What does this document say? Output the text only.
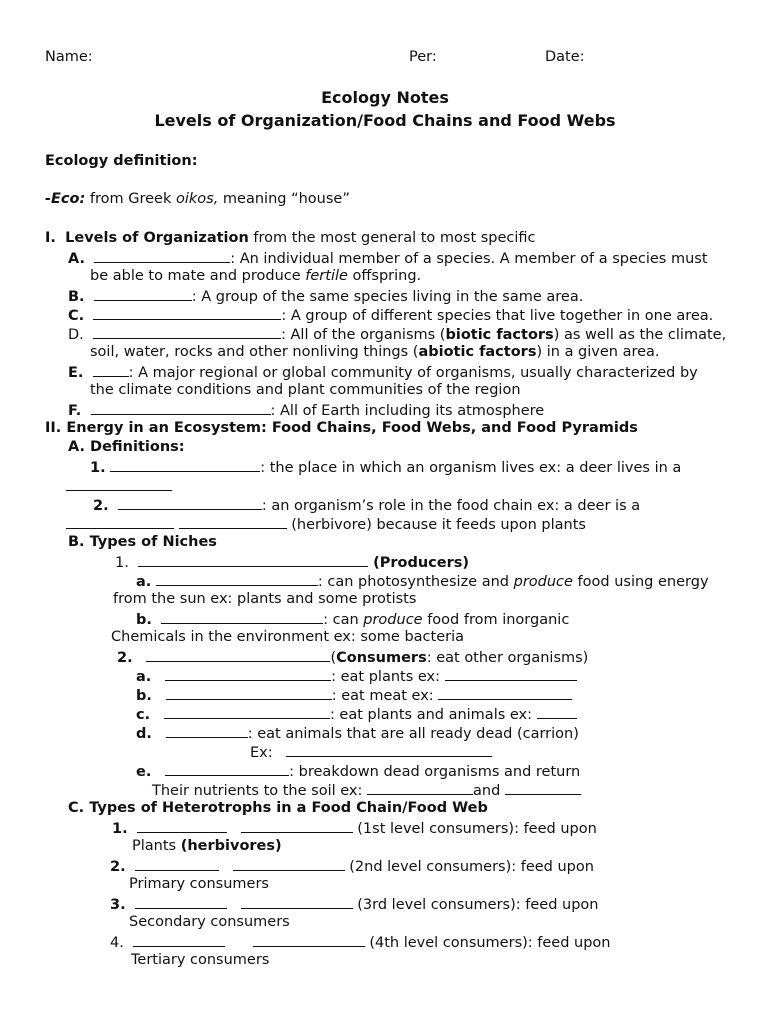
Name:	Per:	Date:
Ecology Notes
Levels of Organization/Food Chains and Food Webs
Ecology definition:
-Eco: from Greek oikos, meaning “house”
I. Levels of Organization from the most general to most specific
A.	: An individual member of a species. A member of a species must
be able to mate and produce fertile offspring.
B.	: A group of the same species living in the same area.
C.	: A group of different species that live together in one area.
D.	: All of the organisms (biotic factors) as well as the climate,
soil, water, rocks and other nonliving things (abiotic factors) in a given area.
E.	: A major regional or global community of organisms, usually characterized by
the climate conditions and plant communities of the region
F.	: All of Earth including its atmosphere
II. Energy in an Ecosystem: Food Chains, Food Webs, and Food Pyramids
A. Definitions:
1.	: the place in which an organism lives ex: a deer lives in a
2.	: an organism’s role in the food chain ex: a deer is a
(herbivore) because it feeds upon plants
B. Types of Niches
1.	(Producers)
a.	: can photosynthesize and produce food using energy
from the sun ex: plants and some protists
b.	: can produce food from inorganic
Chemicals in the environment ex: some bacteria
2.	(Consumers: eat other organisms)
a.	: eat plants ex:
b.	: eat meat ex:
c.	: eat plants and animals ex:
d.	: eat animals that are all ready dead (carrion)
Ex:
e.	: breakdown dead organisms and return
Their nutrients to the soil ex:	and
C. Types of Heterotrophs in a Food Chain/Food Web
1.	(1st level consumers): feed upon
Plants (herbivores)
2.	(2nd level consumers): feed upon
Primary consumers
3.	(3rd level consumers): feed upon
Secondary consumers
4.	(4th level consumers): feed upon
Tertiary consumers
